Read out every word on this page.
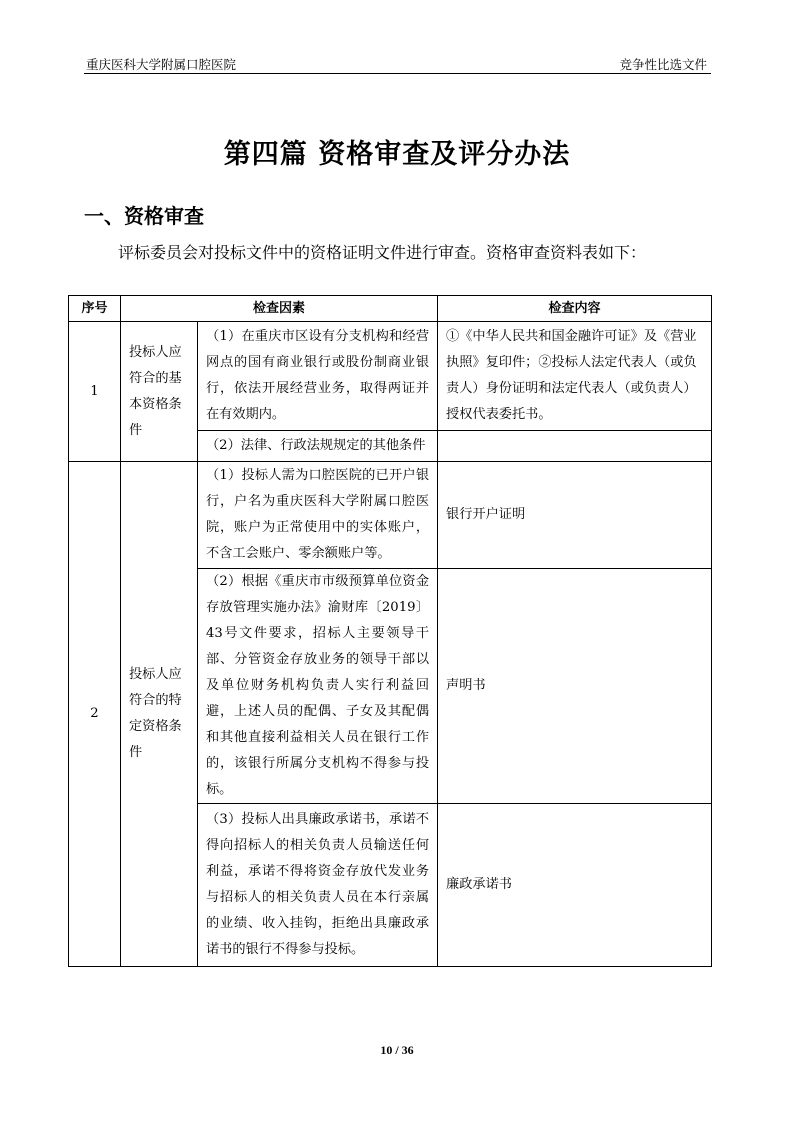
重庆医科大学附属口腔医院	竞争性比选文件
第四篇 资格审查及评分办法
一、资格审查
评标委员会对投标文件中的资格证明文件进行审查。资格审查资料表如下：
序号	检查因素		检查内容
1	投标人应符合的基本资格条件	（1）在重庆市区设有分支机构和经营网点的国有商业银行或股份制商业银行，依法开展经营业务，取得两证并在有效期内。	①《中华人民共和国金融许可证》及《营业执照》复印件；②投标人法定代表人（或负责人）身份证明和法定代表人（或负责人）授权代表委托书。
		（2）法律、行政法规规定的其他条件	
2	投标人应符合的特定资格条件	（1）投标人需为口腔医院的已开户银行，户名为重庆医科大学附属口腔医院，账户为正常使用中的实体账户，不含工会账户、零余额账户等。	银行开户证明
		（2）根据《重庆市市级预算单位资金存放管理实施办法》渝财库〔2019〕43号文件要求，招标人主要领导干部、分管资金存放业务的领导干部以及单位财务机构负责人实行利益回避，上述人员的配偶、子女及其配偶和其他直接利益相关人员在银行工作的，该银行所属分支机构不得参与投标。	声明书
		（3）投标人出具廉政承诺书，承诺不得向招标人的相关负责人员输送任何利益，承诺不得将资金存放代发业务与招标人的相关负责人员在本行亲属的业绩、收入挂钩，拒绝出具廉政承诺书的银行不得参与投标。	廉政承诺书
10 / 36
